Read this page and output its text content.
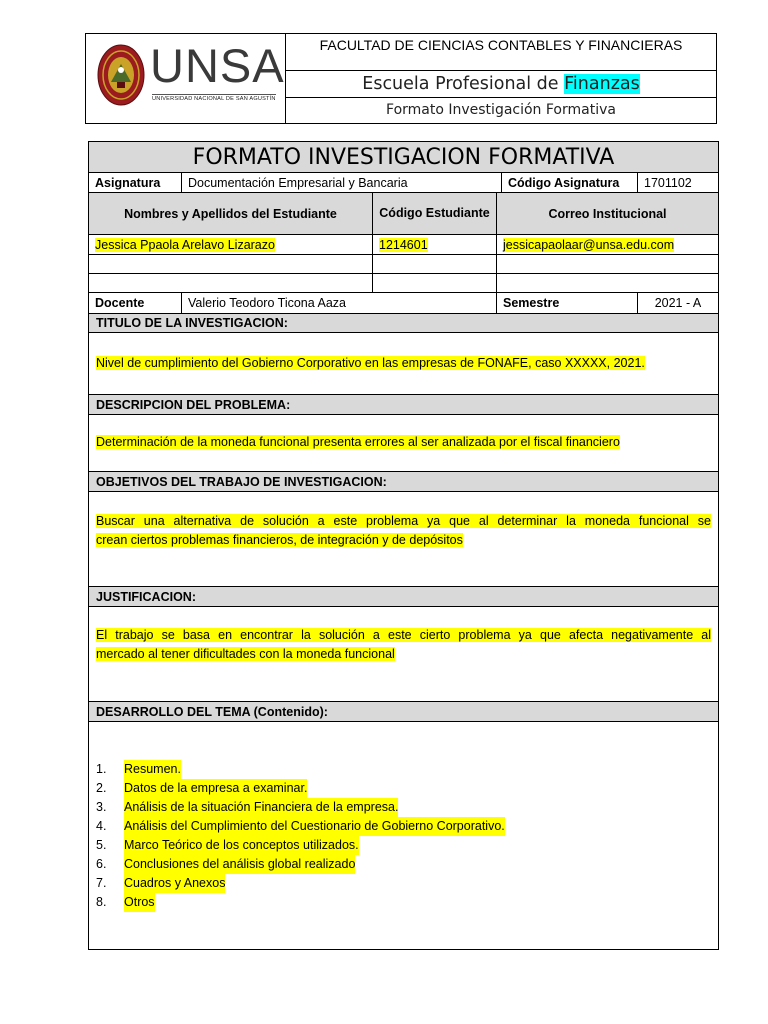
UNSA
UNIVERSIDAD NACIONAL DE SAN AGUSTÍN
FACULTAD DE CIENCIAS CONTABLES Y FINANCIERAS
Escuela Profesional de Finanzas
Formato Investigación Formativa
FORMATO INVESTIGACION FORMATIVA
Asignatura	Documentación Empresarial y Bancaria	Código Asignatura	1701102
Nombres y Apellidos del Estudiante	Código Estudiante	Correo Institucional
Jessica Ppaola Arelavo Lizarazo	1214601	jessicapaolaar@unsa.edu.com
Docente	Valerio Teodoro Ticona Aaza	Semestre	2021 - A
TITULO DE LA INVESTIGACION:
Nivel de cumplimiento del Gobierno Corporativo en las empresas de FONAFE, caso XXXXX, 2021.
DESCRIPCION DEL PROBLEMA:
Determinación de la moneda funcional presenta errores al ser analizada por el fiscal financiero
OBJETIVOS DEL TRABAJO DE INVESTIGACION:
Buscar una alternativa de solución a este problema ya que al determinar la moneda funcional se
crean ciertos problemas financieros, de integración y de depósitos
JUSTIFICACION:
El trabajo se basa en encontrar la solución a este cierto problema ya que afecta negativamente al
mercado al tener dificultades con la moneda funcional
DESARROLLO DEL TEMA (Contenido):
1.	Resumen.
2.	Datos de la empresa a examinar.
3.	Análisis de la situación Financiera de la empresa.
4.	Análisis del Cumplimiento del Cuestionario de Gobierno Corporativo.
5.	Marco Teórico de los conceptos utilizados.
6.	Conclusiones del análisis global realizado
7.	Cuadros y Anexos
8.	Otros
